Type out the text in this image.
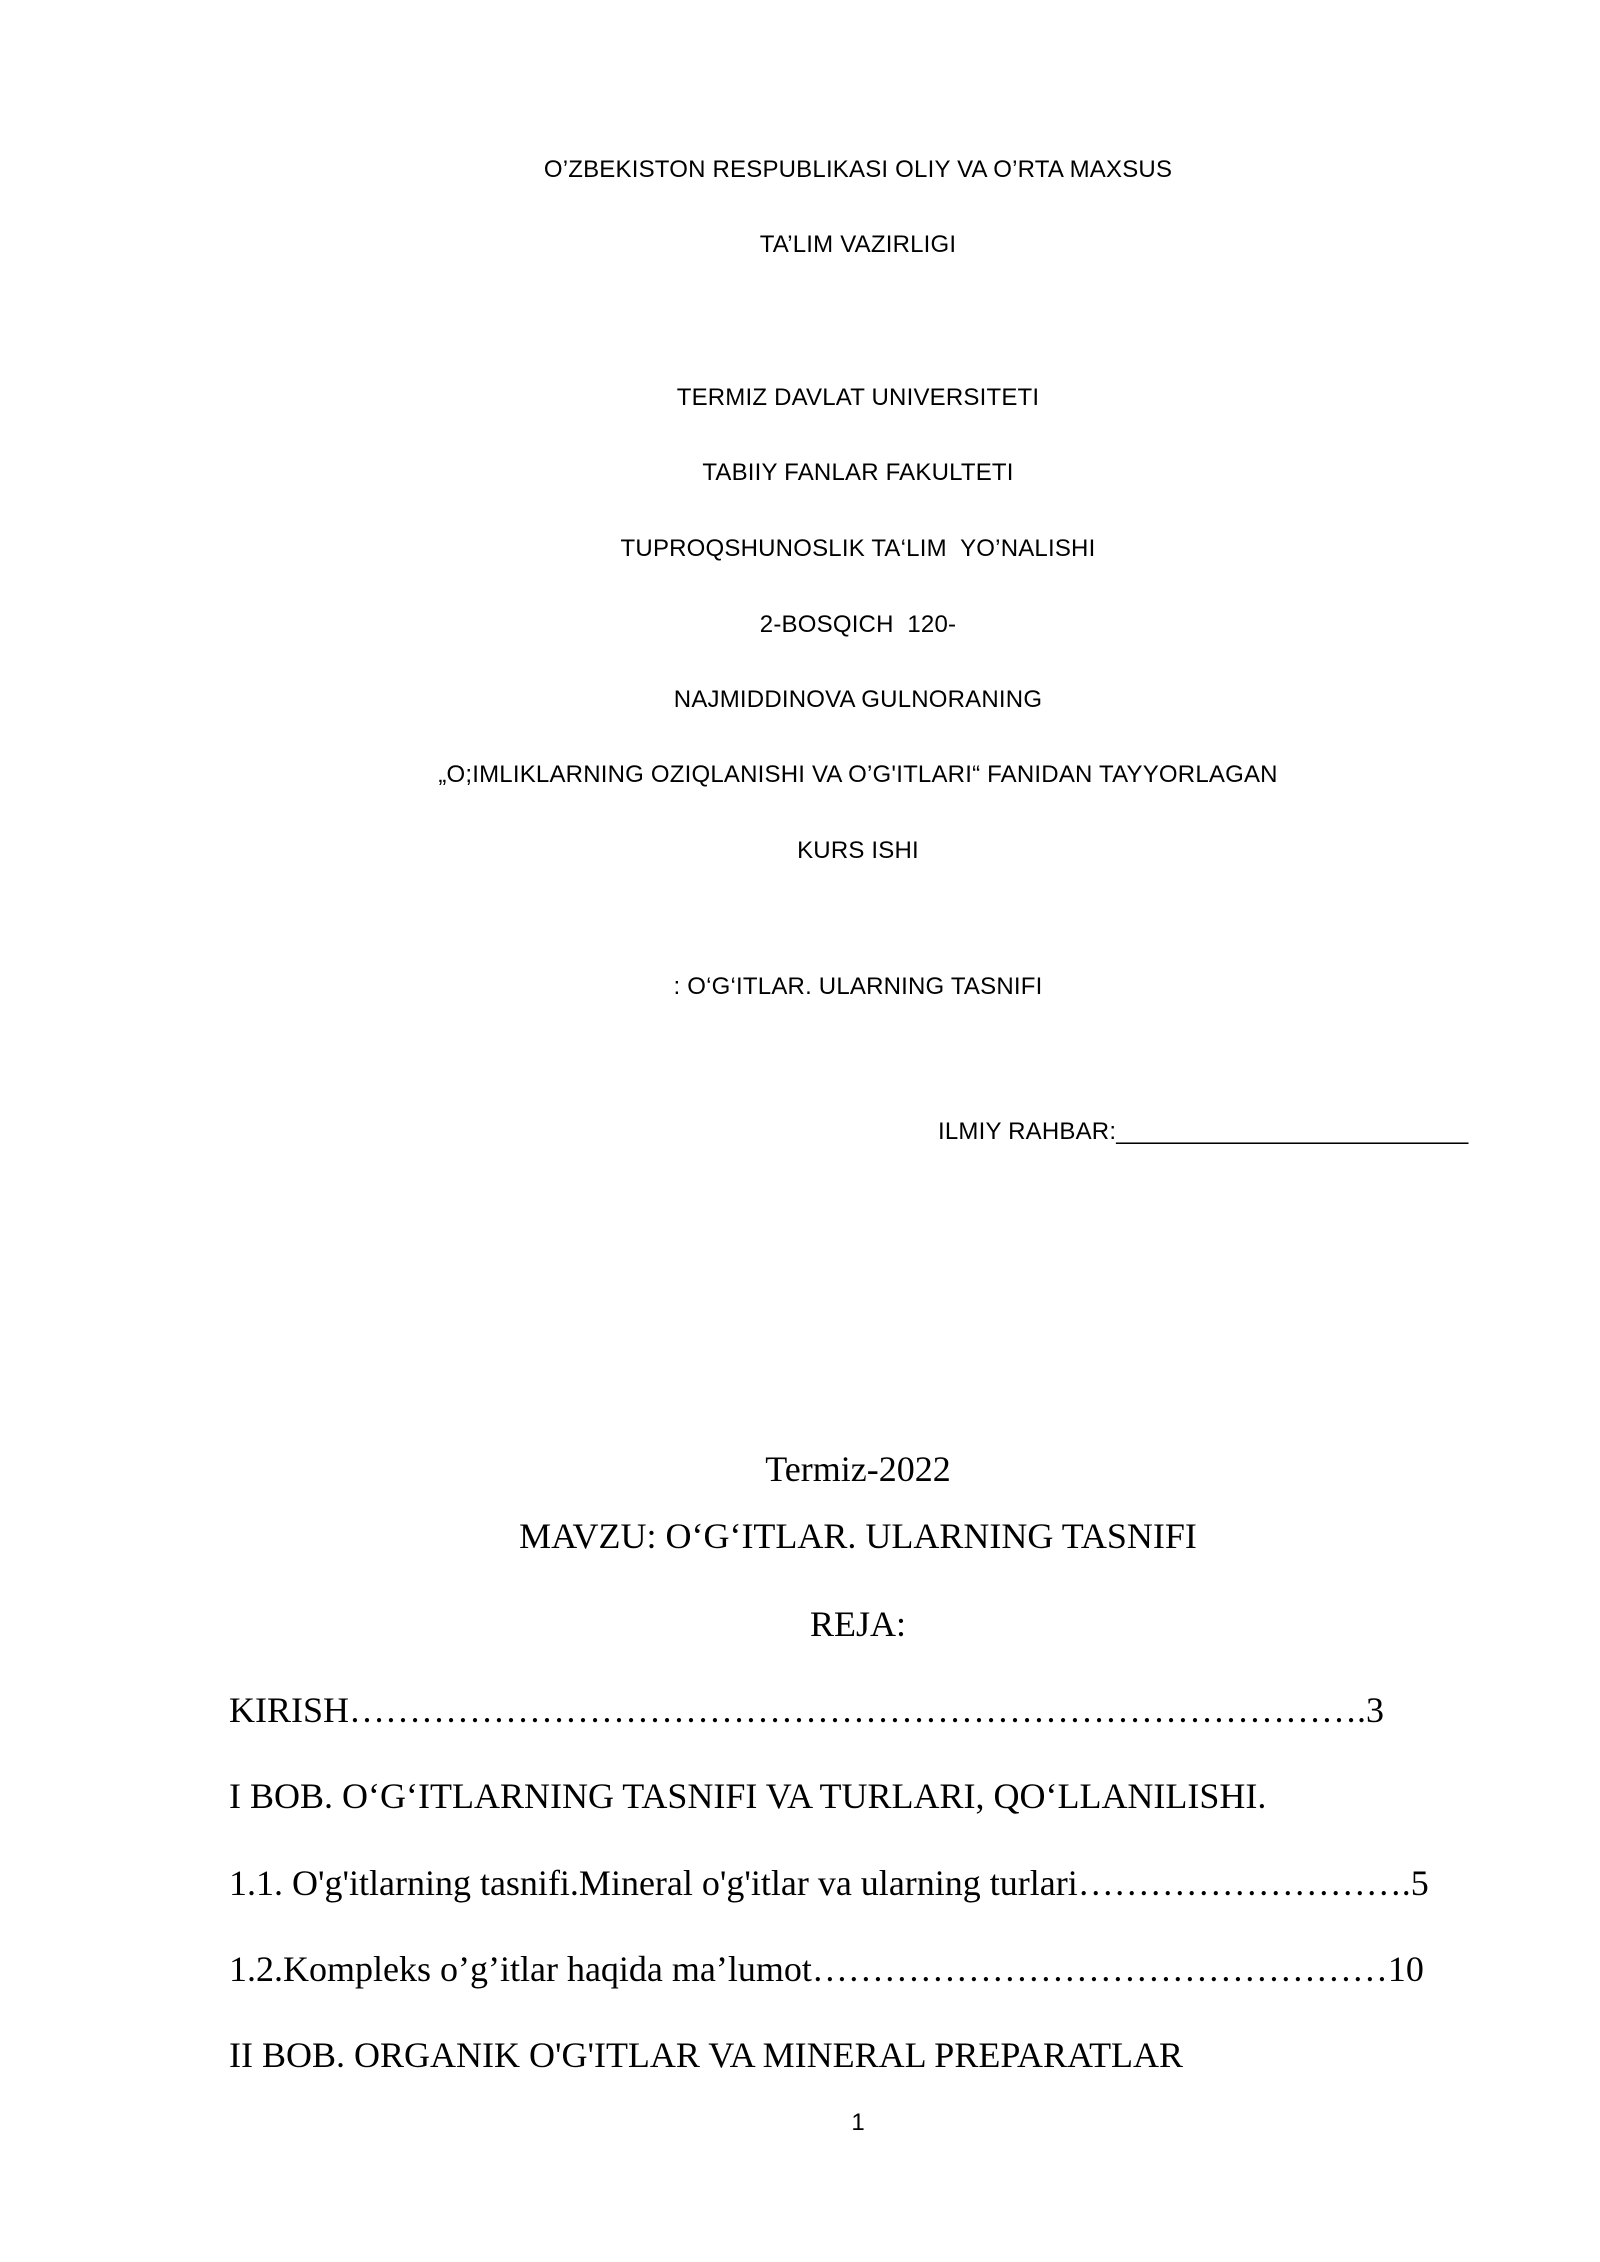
O’ZBEKISTON RESPUBLIKASI OLIY VA O’RTA MAXSUS
TA’LIM VAZIRLIGI
TERMIZ DAVLAT UNIVERSITETI
TABIIY FANLAR FAKULTETI
TUPROQSHUNOSLIK TA‘LIM  YO’NALISHI
2-BOSQICH  120-
NAJMIDDINOVA GULNORANING
„O;IMLIKLARNING OZIQLANISHI VA O’G'ITLARI“ FANIDAN TAYYORLAGAN
KURS ISHI
: O‘G‘ITLAR. ULARNING TASNIFI
ILMIY RAHBAR:__________________________
Termiz-2022
MAVZU: O‘G‘ITLAR. ULARNING TASNIFI
REJA:
KIRISH………………………………………………………………………….3
I BOB. O‘G‘ITLARNING TASNIFI VA TURLARI, QO‘LLANILISHI.
1.1. O'g'itlarning tasnifi.Mineral o'g'itlar va ularning turlari……………………….5
1.2.Kompleks o’g’itlar haqida ma’lumot…………………………………………10
II BOB. ORGANIK O'G'ITLAR VA MINERAL PREPARATLAR
1
